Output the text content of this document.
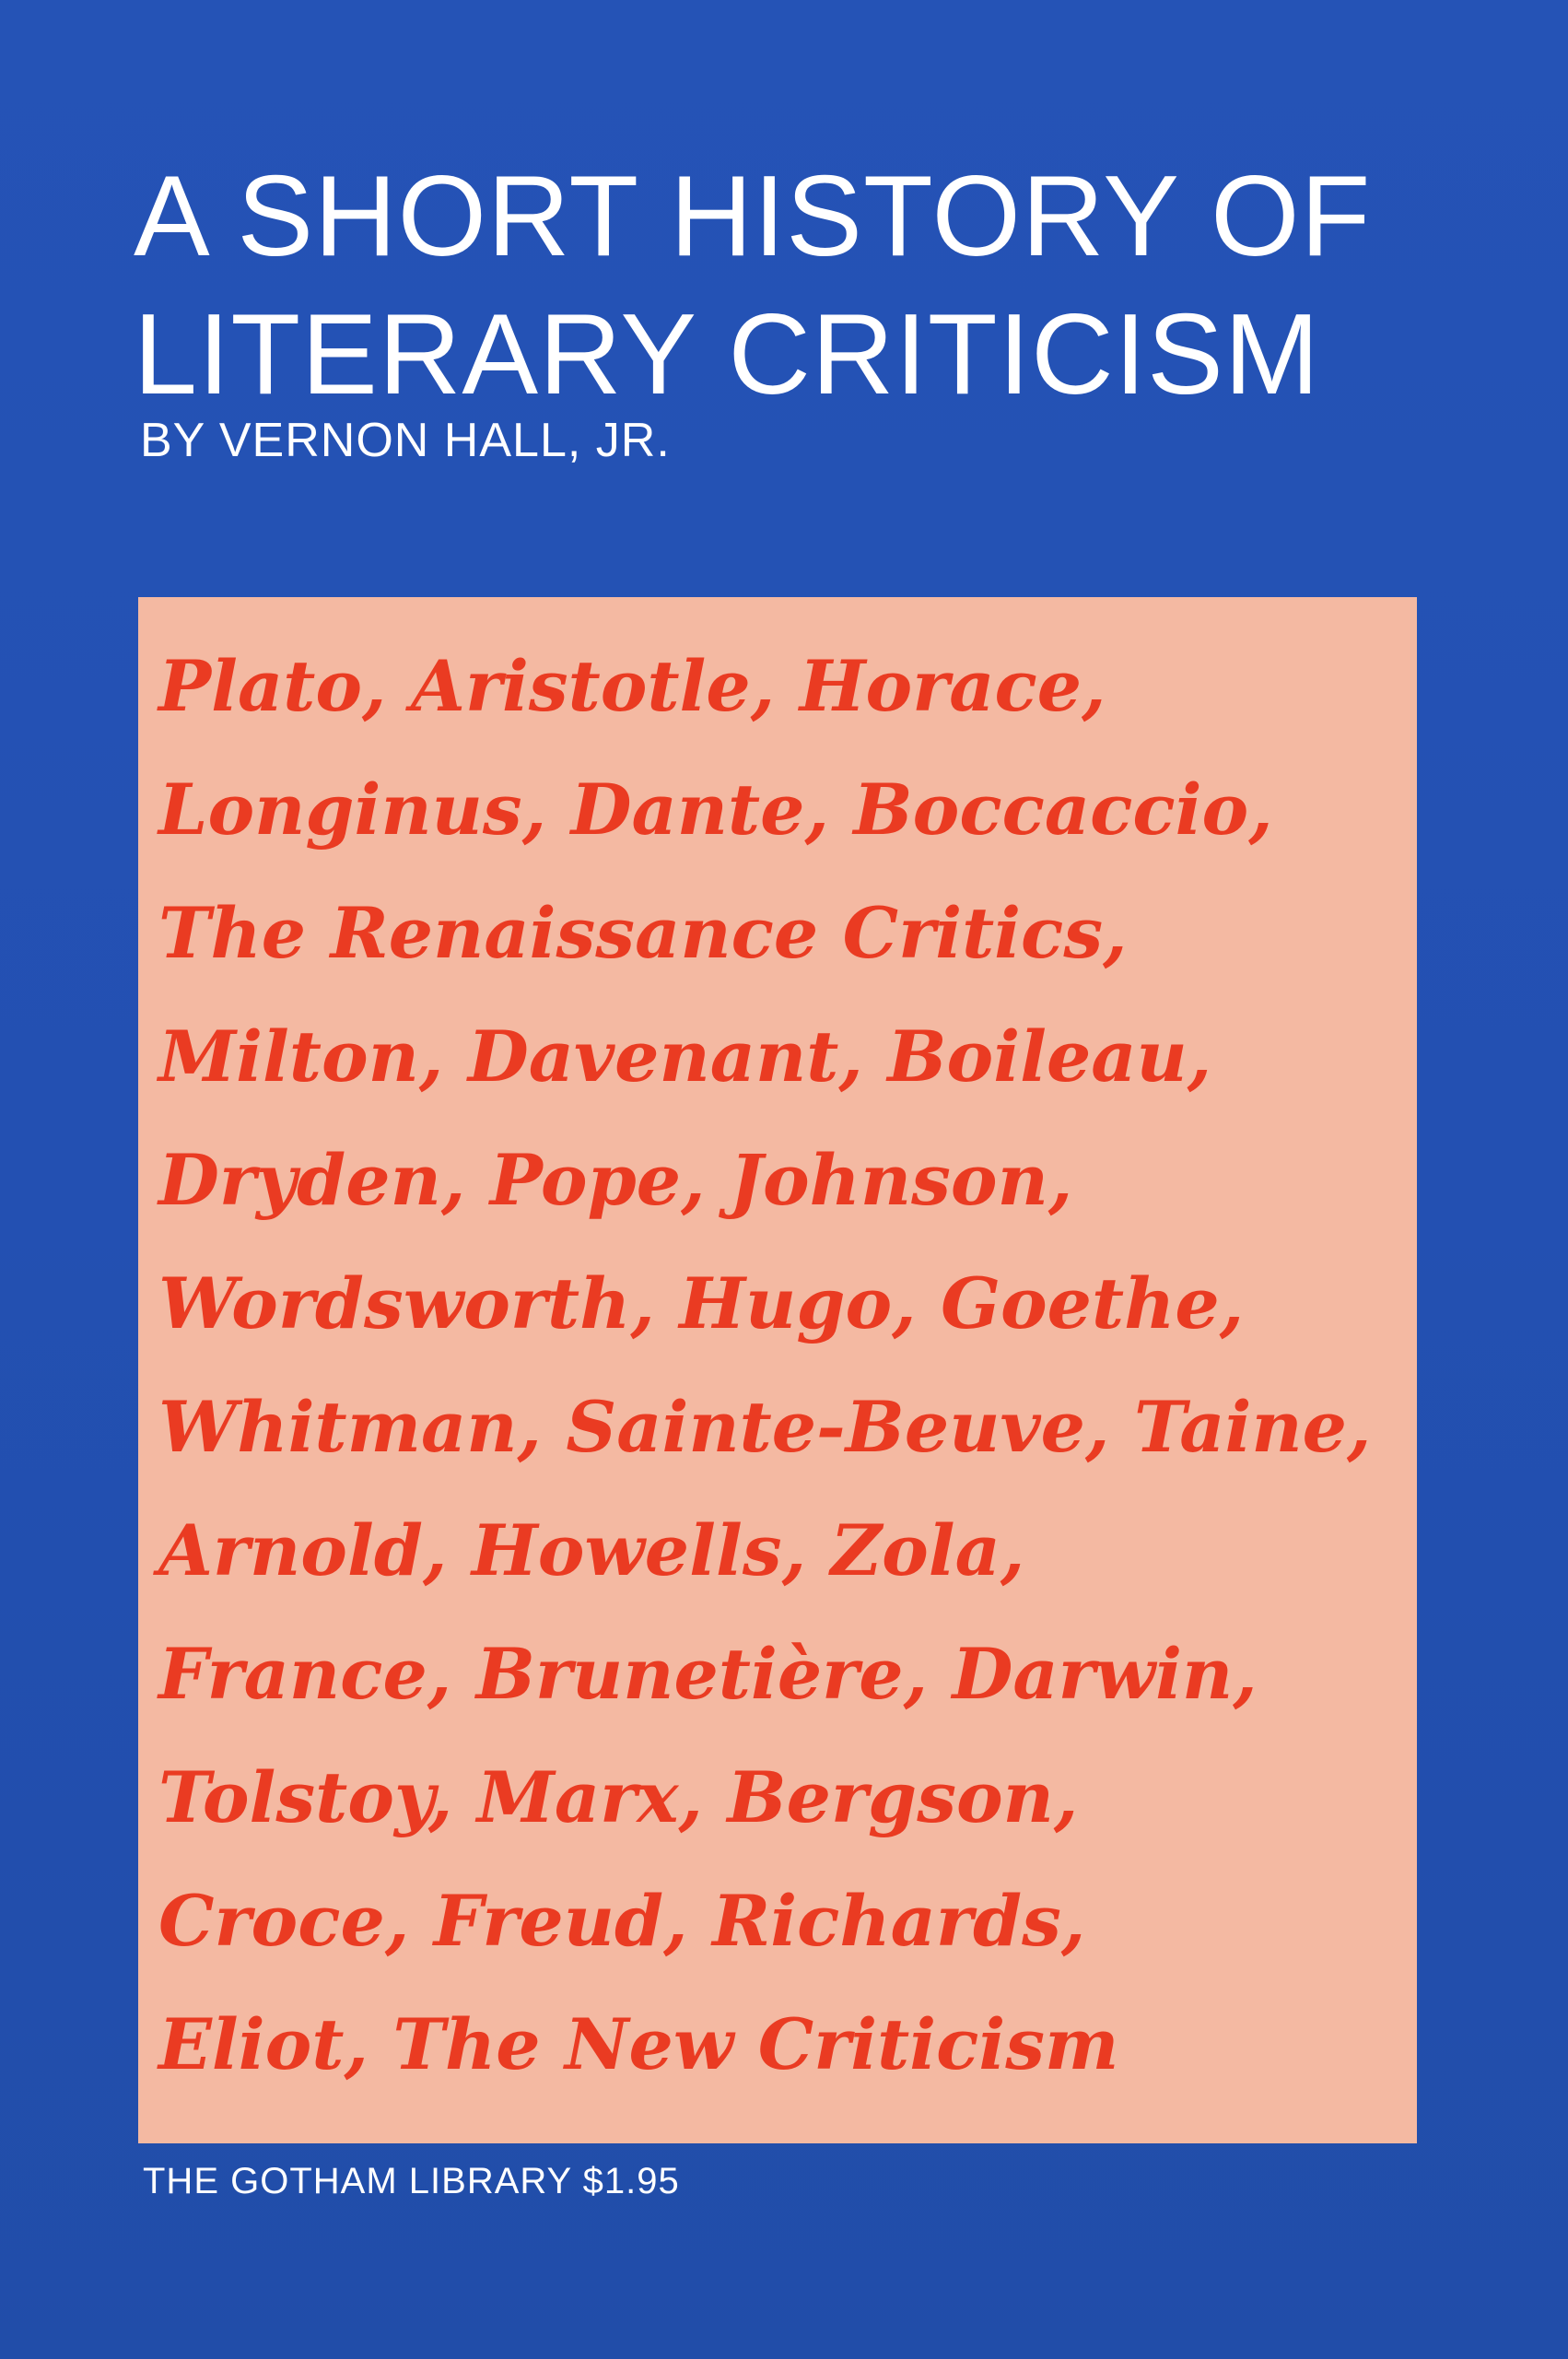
A SHORT HISTORY OF
LITERARY CRITICISM
BY VERNON HALL, JR.
Plato, Aristotle, Horace,
Longinus, Dante, Boccaccio,
The Renaissance Critics,
Milton, Davenant, Boileau,
Dryden, Pope, Johnson,
Wordsworth, Hugo, Goethe,
Whitman, Sainte-Beuve, Taine,
Arnold, Howells, Zola,
France, Brunetière, Darwin,
Tolstoy, Marx, Bergson,
Croce, Freud, Richards,
Eliot, The New Criticism
THE GOTHAM LIBRARY $1.95
